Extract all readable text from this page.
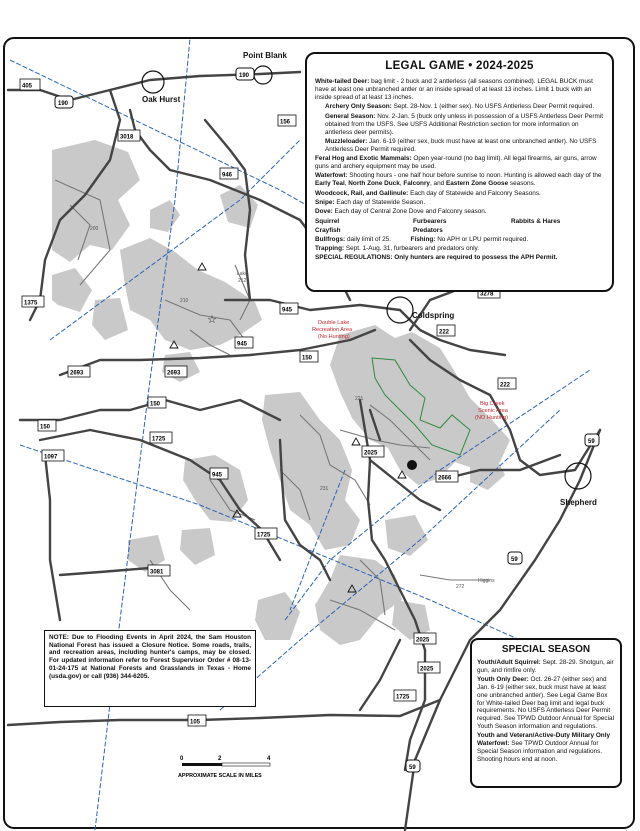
Point Blank
Oak Hurst
Coldspring
Shepherd
Double Lake
Recreation Area
(No Hunting)
Big Creek
Scenic Area
(NO Hunting)
190
190
59
59
59
405
3018
156
946
1375
945
945
945
3278
222
222
150
150
150
2693	2693
1725
1725
1725
1097
2025
2025
2025
2666
3081
105
200
210
212
272
231
221
Higgins
Lake
☆
0	2	4
APPROXIMATE SCALE IN MILES
LEGAL GAME • 2024-2025

White-tailed Deer: bag limit - 2 buck and 2 antlerless (all seasons combined). LEGAL BUCK must have at least one unbranched antler or an inside spread of at least 13 inches. Limit 1 buck with an inside spread of at least 13 inches.

Archery Only Season: Sept. 28-Nov. 1 (either sex). No USFS Antlerless Deer Permit required.

General Season: Nov. 2-Jan. 5 (buck only unless in possession of a USFS Antlerless Deer Permit obtained from the USFS. See USFS Additional Restriction section for more information on antlerless deer permits).

Muzzleloader: Jan. 6-19 (either sex, buck must have at least one unbranched antler). No USFS Antlerless Deer Permit required.

Feral Hog and Exotic Mammals: Open year-round (no bag limit). All legal firearms, air guns, arrow guns and archery equipment may be used.

Waterfowl: Shooting hours - one half hour before sunrise to noon. Hunting is allowed each day of the Early Teal, North Zone Duck, Falconry, and Eastern Zone Goose seasons.

Woodcock, Rail, and Gallinule: Each day of Statewide and Falconry Seasons.

Snipe: Each day of Statewide Season.

Dove: Each day of Central Zone Dove and Falconry season.

Squirrel	Furbearers	Rabbits & Hares
Crayfish	Predators

Bullfrogs: daily limit of 25.	Fishing: No APH or LPU permit required.

Trapping: Sept. 1-Aug. 31, furbearers and predators only.

SPECIAL REGULATIONS: Only hunters are required to possess the APH Permit.

NOTE: Due to Flooding Events in April 2024, the Sam Houston National Forest has issued a Closure Notice. Some roads, trails, and recreation areas, including hunter's camps, may be closed. For updated information refer to Forest Supervisor Order # 08-13-01-24-175 at National Forests and Grasslands in Texas - Home (usda.gov) or call (936) 344-6205.
SPECIAL SEASON

Youth/Adult Squirrel: Sept. 28-29. Shotgun, air gun, and rimfire only.

Youth Only Deer: Oct. 26-27 (either sex) and Jan. 6-19 (either sex, buck must have at least one unbranched antler). See Legal Game Box for White-tailed Deer bag limit and legal buck requirements. No USFS Antlerless Deer Permit required. See TPWD Outdoor Annual for Special Youth Season information and regulations.

Youth and Veteran/Active-Duty Military Only Waterfowl: See TPWD Outdoor Annual for Special Season information and regulations. Shooting hours end at noon.
